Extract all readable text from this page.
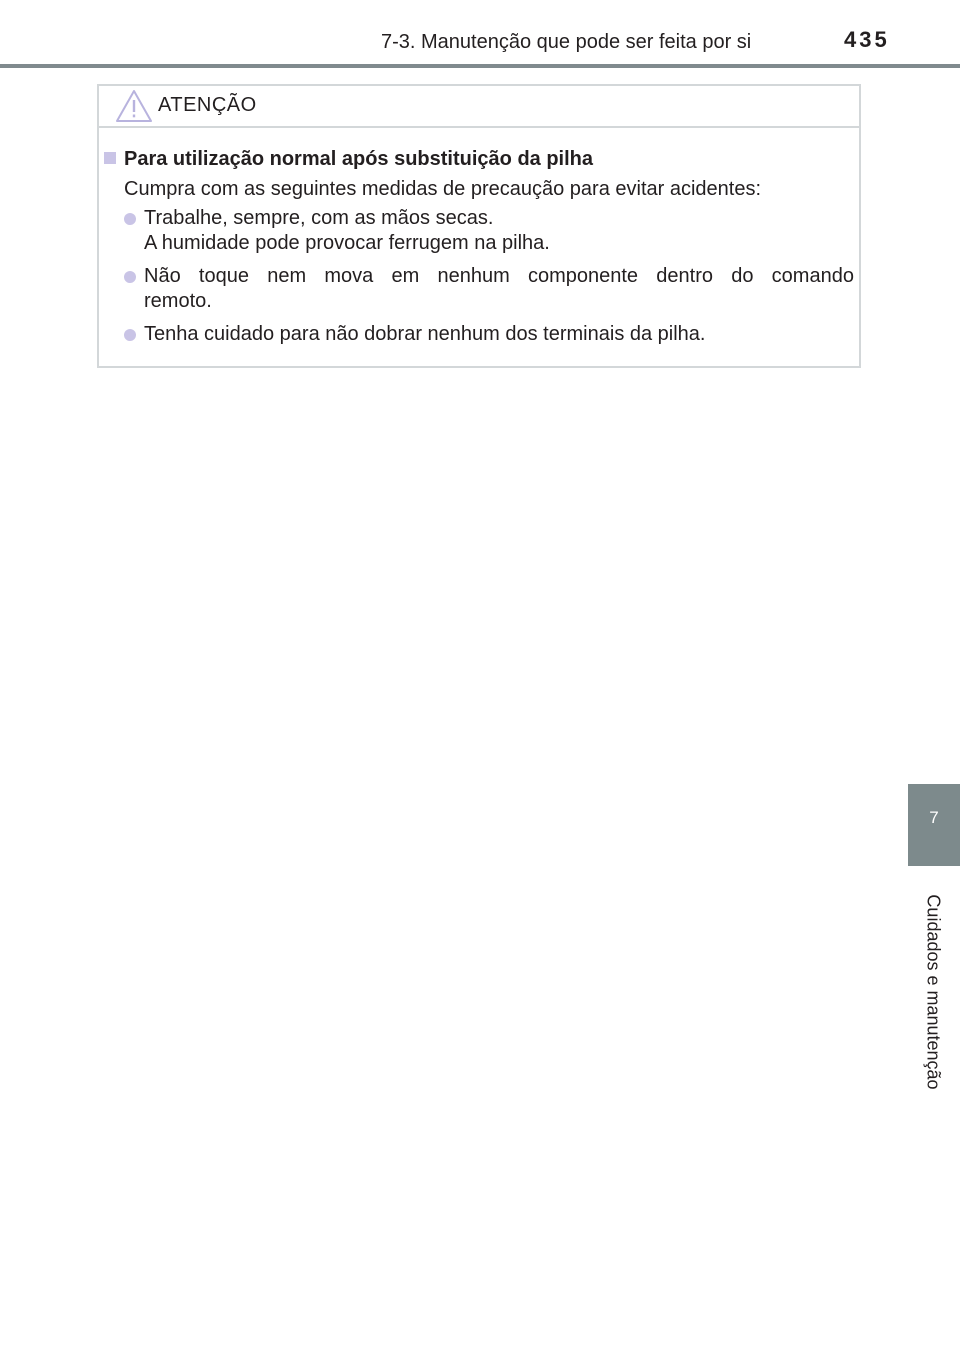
7-3. Manutenção que pode ser feita por si	435
7
Cuidados e manutenção
ATENÇÃO
Para utilização normal após substituição da pilha
Cumpra com as seguintes medidas de precaução para evitar acidentes:
Trabalhe, sempre, com as mãos secas.
A humidade pode provocar ferrugem na pilha.
Não toque nem mova em nenhum componente dentro do comando
remoto.
Tenha cuidado para não dobrar nenhum dos terminais da pilha.
